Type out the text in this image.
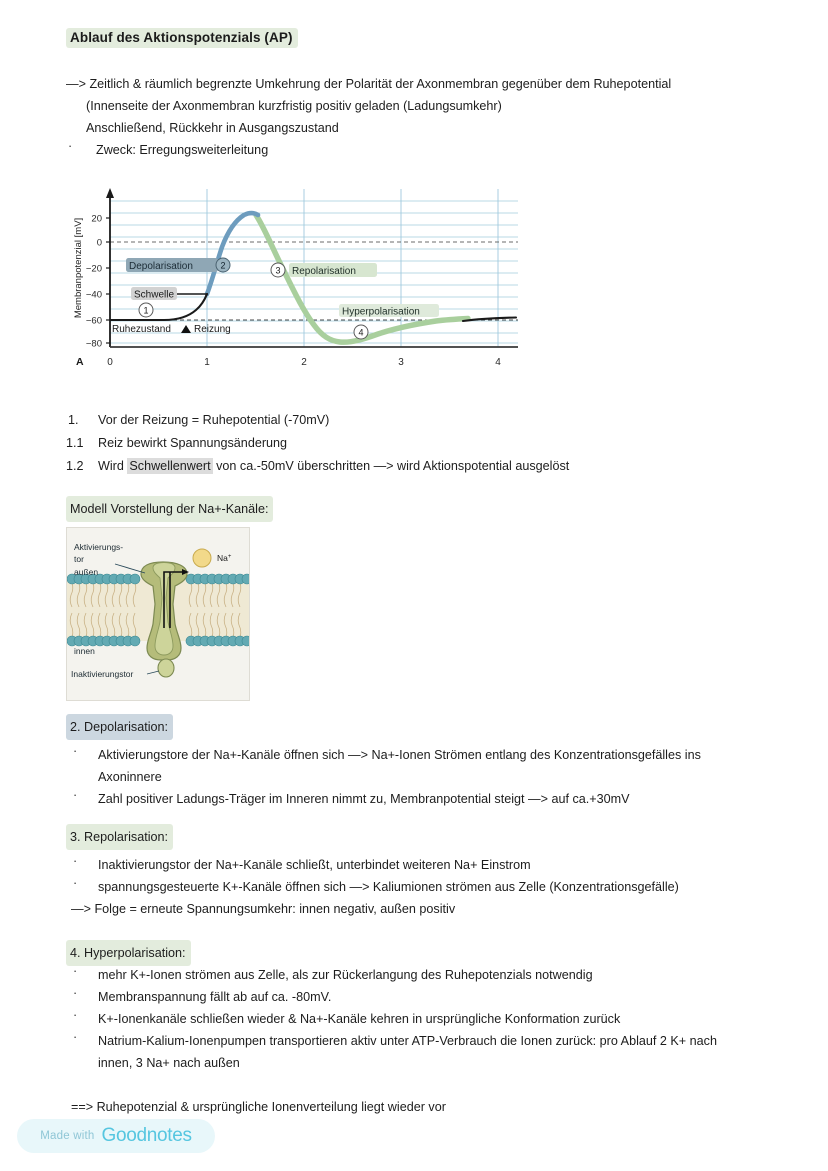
Ablauf des Aktionspotenzials (AP)
—> Zeitlich & räumlich begrenzte Umkehrung der Polarität der Axonmembran gegenüber dem Ruhepotential
(Innenseite der Axonmembran kurzfristig positiv geladen (Ladungsumkehr)
Anschließend, Rückkehr in Ausgangszustand
· Zweck: Erregungsweiterleitung
20
0
−20
−40
−60
−80
Membranpotenzial [mV]
0	1	2	3	4
A
Depolarisation	2	3 Repolarisation
Schwelle
1
Ruhezustand Reizung
Hyperpolarisation
4
1. Vor der Reizung = Ruhepotential (-70mV)
1.1 Reiz bewirkt Spannungsänderung
1.2 Wird Schwellenwert von ca.-50mV überschritten —> wird Aktionspotential ausgelöst
Modell Vorstellung der Na+-Kanäle:
Na+
Aktivierungs-
tor
außen
innen
Inaktivierungstor
2. Depolarisation:
· Aktivierungstore der Na+-Kanäle öffnen sich —> Na+-Ionen Strömen entlang des Konzentrationsgefälles ins
Axoninnere
· Zahl positiver Ladungs-Träger im Inneren nimmt zu, Membranpotential steigt —> auf ca.+30mV
3. Repolarisation:
· Inaktivierungstor der Na+-Kanäle schließt, unterbindet weiteren Na+ Einstrom
· spannungsgesteuerte K+-Kanäle öffnen sich —> Kaliumionen strömen aus Zelle (Konzentrationsgefälle)
—> Folge = erneute Spannungsumkehr: innen negativ, außen positiv
4. Hyperpolarisation:
· mehr K+-Ionen strömen aus Zelle, als zur Rückerlangung des Ruhepotenzials notwendig
· Membranspannung fällt ab auf ca. -80mV.
· K+-Ionenkanäle schließen wieder & Na+-Kanäle kehren in ursprüngliche Konformation zurück
· Natrium-Kalium-Ionenpumpen transportieren aktiv unter ATP-Verbrauch die Ionen zurück: pro Ablauf 2 K+ nach
innen, 3 Na+ nach außen
==> Ruhepotenzial & ursprüngliche Ionenverteilung liegt wieder vor
Made with Goodnotes
